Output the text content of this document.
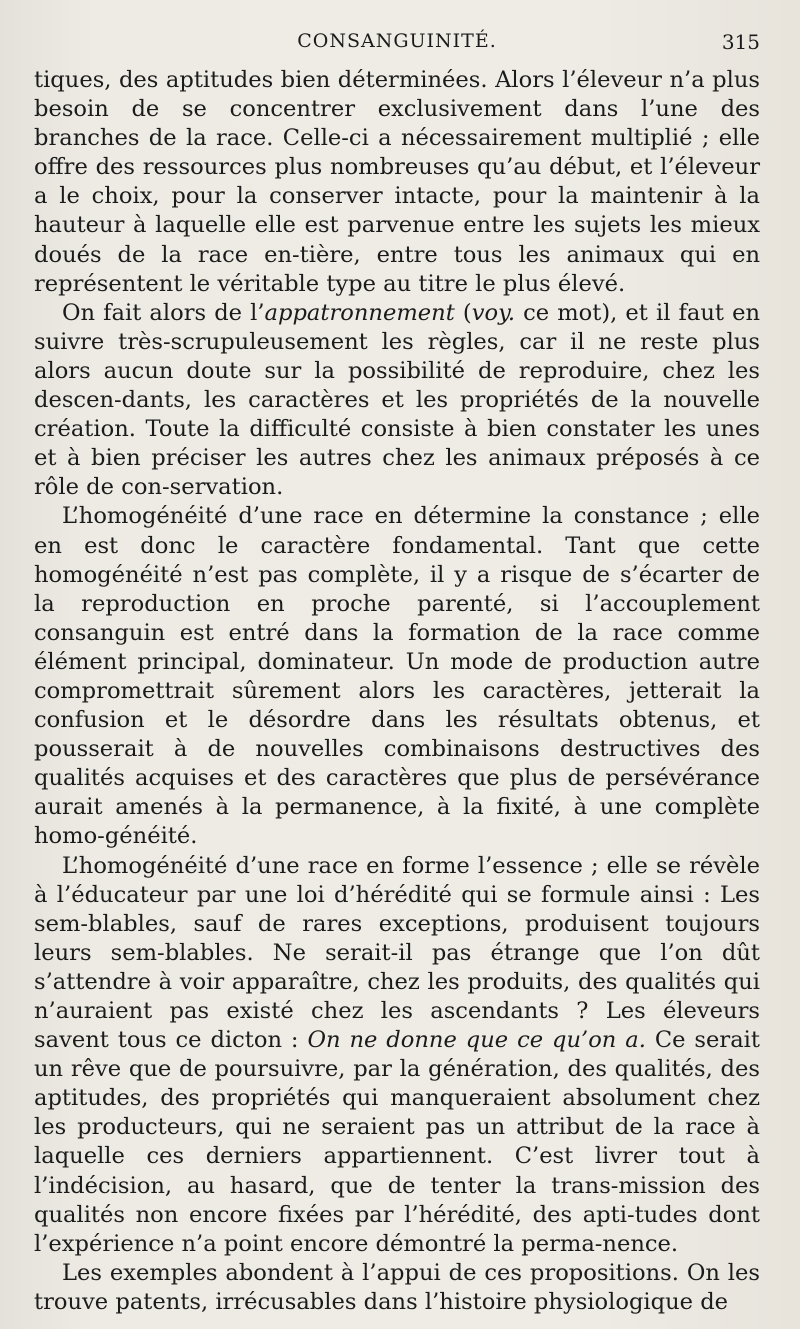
CONSANGUINITÉ.	315

tiques, des aptitudes bien déterminées. Alors l’éleveur n’a plus besoin de se concentrer exclusivement dans l’une des branches de la race. Celle-ci a nécessairement multiplié ; elle offre des ressources plus nombreuses qu’au début, et l’éleveur a le choix, pour la conserver intacte, pour la maintenir à la hauteur à laquelle elle est parvenue entre les sujets les mieux doués de la race en-tière, entre tous les animaux qui en représentent le véritable type au titre le plus élevé.

On fait alors de l’appatronnement (voy. ce mot), et il faut en suivre très-scrupuleusement les règles, car il ne reste plus alors aucun doute sur la possibilité de reproduire, chez les descen-dants, les caractères et les propriétés de la nouvelle création. Toute la difficulté consiste à bien constater les unes et à bien préciser les autres chez les animaux préposés à ce rôle de con-servation.

L’homogénéité d’une race en détermine la constance ; elle en est donc le caractère fondamental. Tant que cette homogénéité n’est pas complète, il y a risque de s’écarter de la reproduction en proche parenté, si l’accouplement consanguin est entré dans la formation de la race comme élément principal, dominateur. Un mode de production autre compromettrait sûrement alors les caractères, jetterait la confusion et le désordre dans les résultats obtenus, et pousserait à de nouvelles combinaisons destructives des qualités acquises et des caractères que plus de persévérance aurait amenés à la permanence, à la fixité, à une complète homo-généité.

L’homogénéité d’une race en forme l’essence ; elle se révèle à l’éducateur par une loi d’hérédité qui se formule ainsi : Les sem-blables, sauf de rares exceptions, produisent toujours leurs sem-blables. Ne serait-il pas étrange que l’on dût s’attendre à voir apparaître, chez les produits, des qualités qui n’auraient pas existé chez les ascendants ? Les éleveurs savent tous ce dicton : On ne donne que ce qu’on a. Ce serait un rêve que de poursuivre, par la génération, des qualités, des aptitudes, des propriétés qui manqueraient absolument chez les producteurs, qui ne seraient pas un attribut de la race à laquelle ces derniers appartiennent. C’est livrer tout à l’indécision, au hasard, que de tenter la trans-mission des qualités non encore fixées par l’hérédité, des apti-tudes dont l’expérience n’a point encore démontré la perma-nence.

Les exemples abondent à l’appui de ces propositions. On les trouve patents, irrécusables dans l’histoire physiologique de
